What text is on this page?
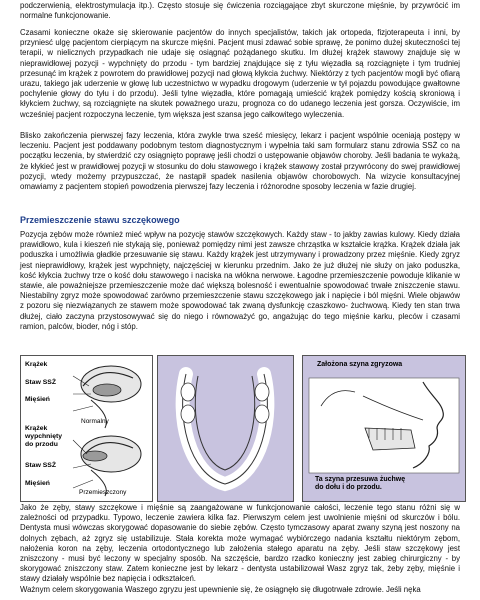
podczerwienią, elektrostymulacja itp.). Często stosuje się ćwiczenia rozciągające zbyt skurczone mięśnie, by przywrócić im normalne funkcjonowanie.

Czasami konieczne okaże się skierowanie pacjentów do innych specjalistów, takich jak ortopeda, fizjoterapeuta i inni, by przyniesć ulgę pacjentom cierpiącym na skurcze mięśni. Pacjent musi zdawać sobie sprawę, że ponimo dużej skuteczności tej terapii, w nielicznych przypadkach nie udaje się osiągnąć pożądanego skutku. Im dłużej krążek stawowy znajduje się w nieprawidłowej pozycji - wypchnięty do przodu - tym bardziej znajdujące się z tyłu więzadła są rozciągnięte i tym trudniej przesunąć im krążek z powrotem do prawidłowej pozycji nad głową kłykcia żuchwy. Niektórzy z tych pacjentów mogli być ofiarą urazu, takiego jak uderzenie w głowę lub uczestnictwo w wypadku drogowym (uderzenie w tył pojazdu powodujące gwałtowne pochylenie głowy do tyłu i do przodu). Jeśli tylne więzadła, które pomagają umieścić krążek pomiędzy kością skroniową i kłykciem żuchwy, są rozciągnięte na skutek poważnego urazu, prognoza co do udanego leczenia jest gorsza. Oczywiście, im wcześniej pacjent rozpoczyna leczenie, tym większa jest szansa jego całkowitego wyleczenia.

Blisko zakończenia pierwszej fazy leczenia, która zwykle trwa sześć miesięcy, lekarz i pacjent wspólnie oceniają postępy w leczeniu. Pacjent jest poddawany podobnym testom diagnostycznym i wypełnia taki sam formularz stanu zdrowia SSŻ co na początku leczenia, by stwierdzić czy osiągnięto poprawę jeśli chodzi o ustępowanie objawów choroby. Jeśli badania te wykażą, że kłykieć jest w prawidłowej pozycji w stosunku do dołu stawowego i krążek stawowy został przywrócony do swej prawidłowej pozycji, wtedy możemy przypuszczać, że nastąpił spadek nasilenia objawów chorobowych. Na wizycie konsultacyjnej omawiamy z pacjentem stopień powodzenia pierwszej fazy leczenia i różnorodne sposoby leczenia w fazie drugiej.

Przemieszczenie stawu szczękowego

Pozycja zębów może również mieć wpływ na pozycję stawów szczękowych. Każdy staw - to jakby zawias kulowy. Kiedy działa prawidłowo, kula i kieszeń nie stykają się, ponieważ pomiędzy nimi jest zawsze chrząstka w kształcie krążka. Krążek działa jak poduszka i umożliwia gładkie przesuwanie się stawu. Każdy krążek jest utrzymywany i prowadzony przez mięśnie. Kiedy zgryz jest nieprawidłowy, krążek jest wypchnięty, najczęściej w kierunku przednim. Jako że już dłużej nie służy on jako poduszka, kość kłykcia żuchwy trze o kość dołu stawowego i naciska na włókna nerwowe. Łagodne przemieszczenie powoduje klikanie w stawie, ale poważniejsze przemieszczenie może dać większą bolesność i ewentualnie spowodować trwałe zniszczenie stawu. Niestabilny zgryz może spowodować zarówno przemieszczenie stawu szczękowego jak i napięcie i ból mięśni. Wiele objawów z pozoru się niezwiązanych ze stawem może spowodować tak zwaną dysfunkcję czaszkowo- żuchwową. Kiedy ten stan trwa dłużej, ciało zaczyna przystosowywać się do niego i równoważyć go, angażując do tego mięśnie karku, pleców i czasami ramion, palców, bioder, nóg i stóp.

Krążek
Staw SSŻ
Mięśień
Normalny
Krążek
wypchnięty
do przodu
Staw SSŻ
Mięśień
Przemieszczony
Założona szyna zgryzowa
Ta szyna przesuwa żuchwę
do dołu i do przodu.

Jako że zęby, stawy szczękowe i mięśnie są zaangażowane w funkcjonowanie całości, leczenie tego stanu różni się w zależności od przypadku. Typowo, leczenie zawiera kilka faz. Pierwszym celem jest uwolnienie mięśni od skurczów i bólu. Dentysta musi wówczas skorygować dopasowanie do siebie zębów. Często tymczasowy aparat zwany szyną jest noszony na dolnych zębach, aż zgryz się ustabilizuje. Stała korekta może wymagać wybiórczego nadania kształtu niektórym zębom, nałożenia koron na zęby, leczenia ortodontycznego lub założenia stałego aparatu na zęby. Jeśli staw szczękowy jest zniszczony - musi być leczony w specjalny sposób. Na szczęście, bardzo rzadko konieczny jest zabieg chirurgiczny - by skorygować zniszczony staw. Zatem konieczne jest by lekarz - dentysta ustabilizował Wasz zgryz tak, żeby zęby, mięśnie i stawy działały wspólnie bez napięcia i odkształceń.

Ważnym celem skorygowania Waszego zgryzu jest upewnienie się, że osiągnęło się długotrwałe zdrowie. Jeśli nęka
